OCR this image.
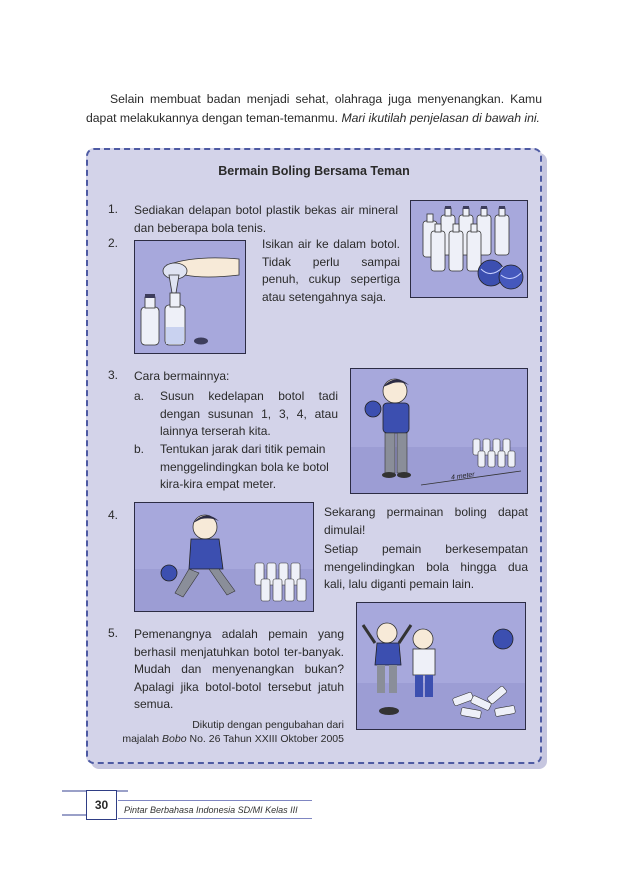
Selain membuat badan menjadi sehat, olahraga juga menyenangkan. Kamu dapat melakukannya dengan teman-temanmu. Mari ikutilah penjelasan di bawah ini.

Bermain Boling Bersama Teman

1. Sediakan delapan botol plastik bekas air mineral dan beberapa bola tenis.

2.	Isikan air ke dalam botol. Tidak perlu sampai penuh, cukup sepertiga atau setengahnya saja.

3. Cara bermainnya:

a. Susun kedelapan botol tadi dengan susunan 1, 3, 4, atau lainnya terserah kita.

b. Tentukan jarak dari titik pemain menggelindingkan bola ke botol kira-kira empat meter.

4 meter
4.	Sekarang permainan boling dapat dimulai!
Setiap pemain berkesempatan mengelindingkan bola hingga dua kali, lalu diganti pemain lain.
5. Pemenangnya adalah pemain yang berhasil menjatuhkan botol ter-banyak. Mudah dan menyenangkan bukan? Apalagi jika botol-botol tersebut jatuh semua.

Dikutip dengan pengubahan dari
majalah Bobo No. 26 Tahun XXIII Oktober 2005
30	Pintar Berbahasa Indonesia SD/MI Kelas III
